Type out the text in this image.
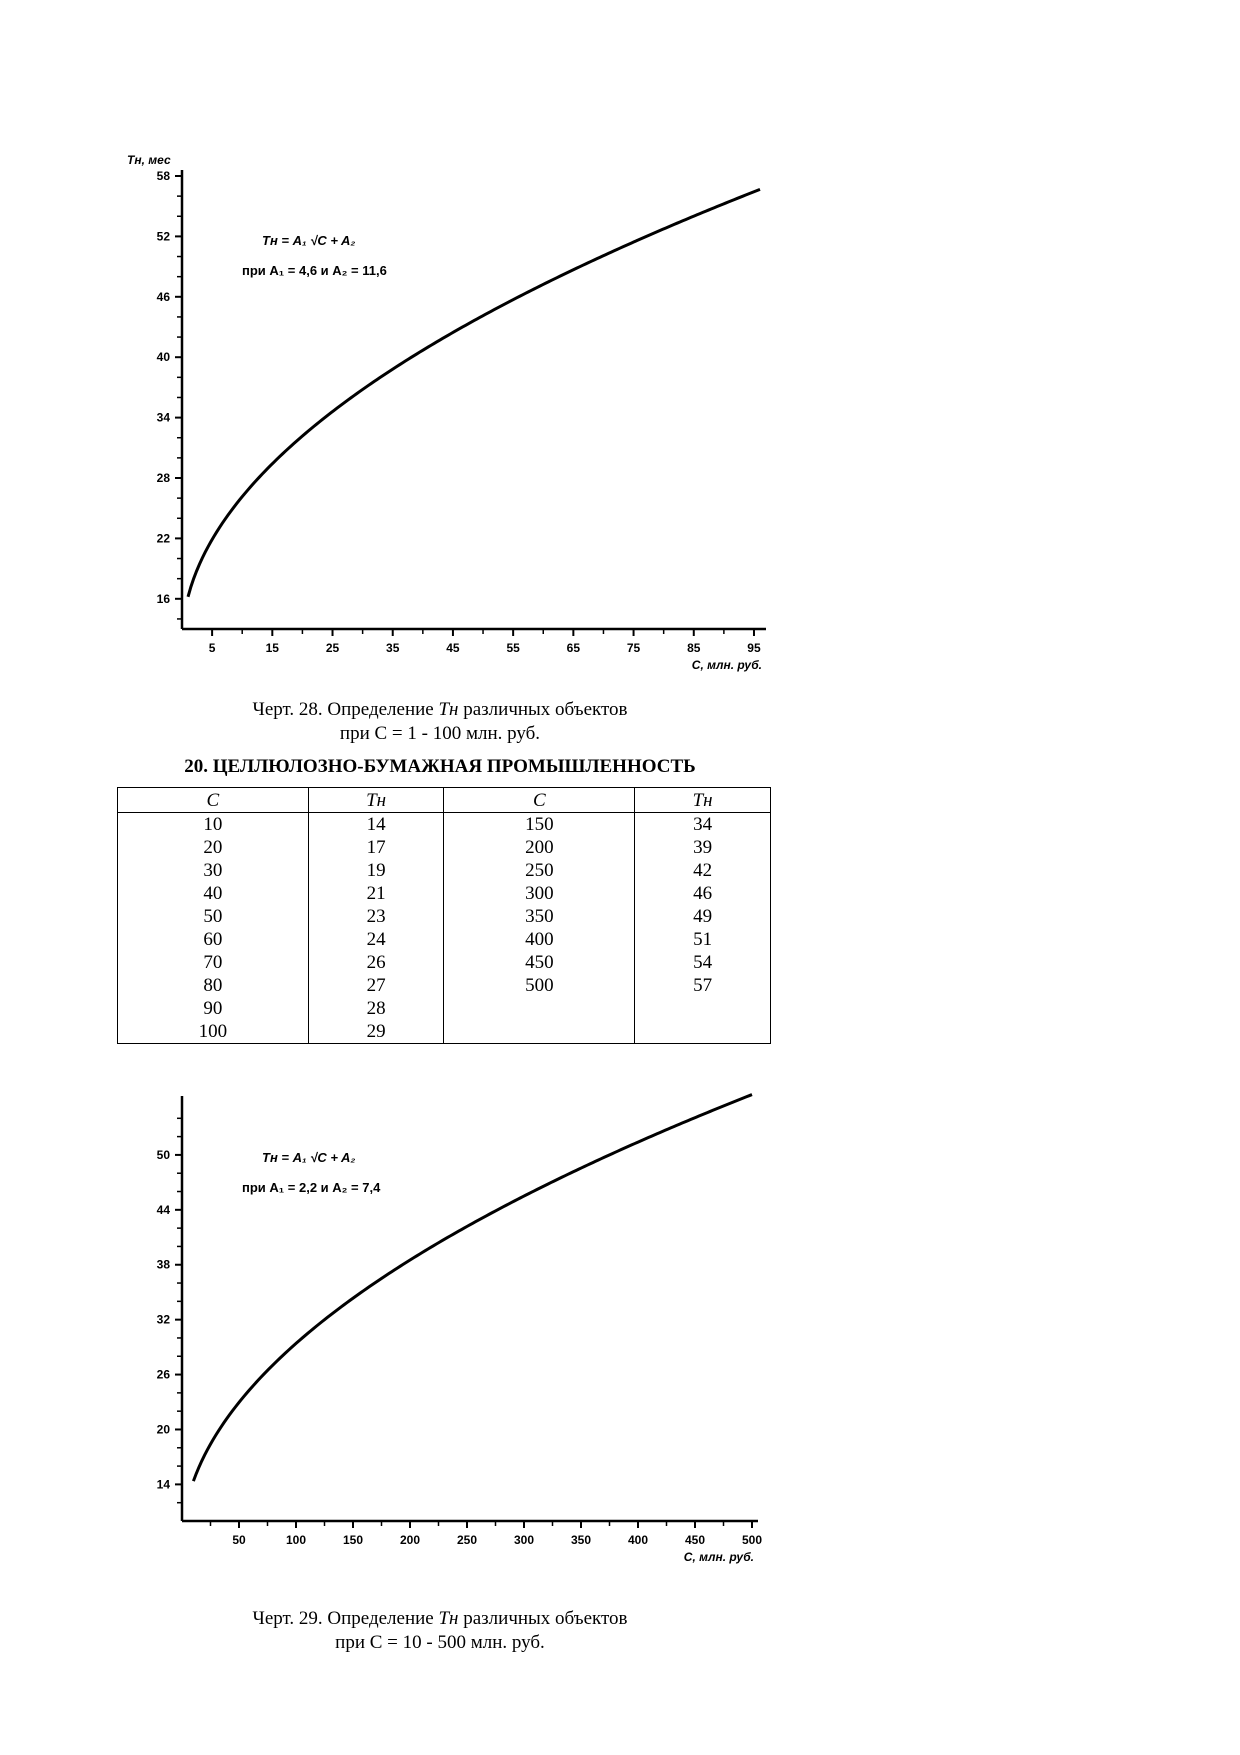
16
22
28
34
40
46
52
58
5	15	25	35	45	55	65	75	85	95
Тн, мес
С, млн. руб.
Тн = A₁ √C + A₂
при A₁ = 4,6 и A₂ = 11,6
Черт. 28. Определение Тн различных объектов
при С = 1 - 100 млн. руб.
20. ЦЕЛЛЮЛОЗНО-БУМАЖНАЯ ПРОМЫШЛЕННОСТЬ
С	Тн	С	Тн
10	14	150	34
20	17	200	39
30	19	250	42
40	21	300	46
50	23	350	49
60	24	400	51
70	26	450	54
80	27	500	57
90	28		
100	29		
14
20
26
32
38
44
50
50	100	150	200	250	300	350	400	450	500
С, млн. руб.
Тн = A₁ √C + A₂
при A₁ = 2,2 и A₂ = 7,4
Черт. 29. Определение Тн различных объектов
при С = 10 - 500 млн. руб.
